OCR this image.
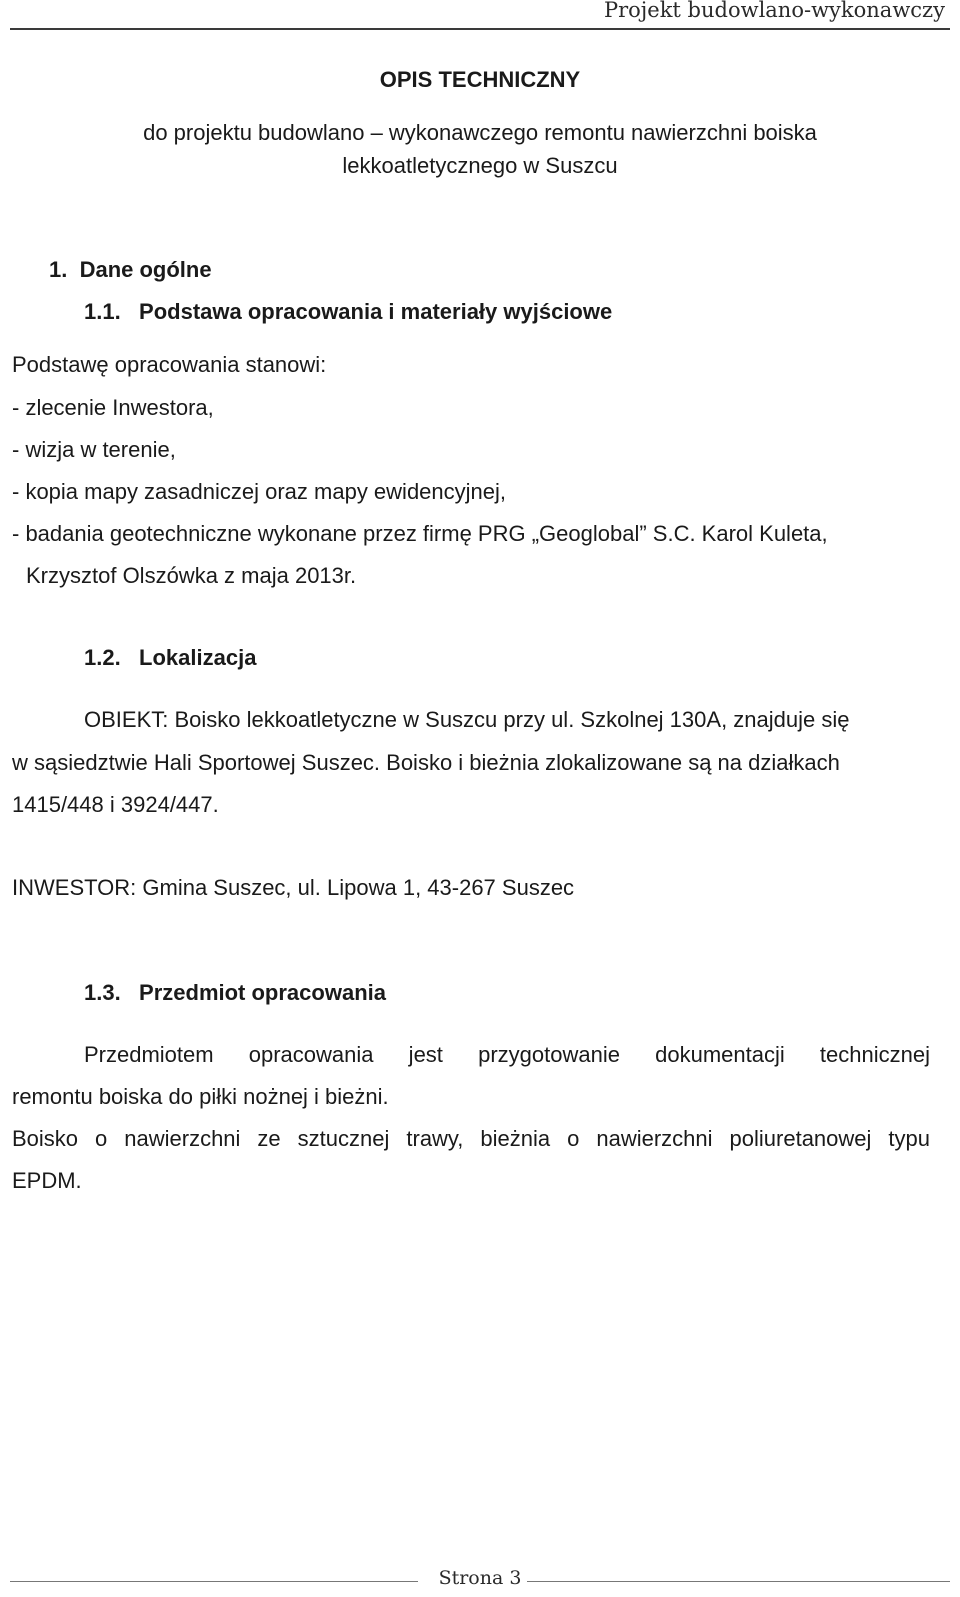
Projekt budowlano-wykonawczy
OPIS TECHNICZNY
do projektu budowlano – wykonawczego remontu nawierzchni boiska
lekkoatletycznego w Suszcu
1.  Dane ogólne
1.1.   Podstawa opracowania i materiały wyjściowe
Podstawę opracowania stanowi:
- zlecenie Inwestora,
- wizja w terenie,
- kopia mapy zasadniczej oraz mapy ewidencyjnej,
- badania geotechniczne wykonane przez firmę PRG „Geoglobal” S.C. Karol Kuleta,
Krzysztof Olszówka z maja 2013r.
1.2.   Lokalizacja
OBIEKT: Boisko lekkoatletyczne w Suszcu przy ul. Szkolnej 130A, znajduje się
w sąsiedztwie Hali Sportowej Suszec. Boisko i bieżnia zlokalizowane są na działkach
1415/448 i 3924/447.
INWESTOR: Gmina Suszec, ul. Lipowa 1, 43-267 Suszec
1.3.   Przedmiot opracowania
Przedmiotem opracowania jest przygotowanie dokumentacji technicznej
remontu boiska do piłki nożnej i bieżni.
Boisko o nawierzchni ze sztucznej trawy, bieżnia o nawierzchni poliuretanowej typu
EPDM.
Strona 3
